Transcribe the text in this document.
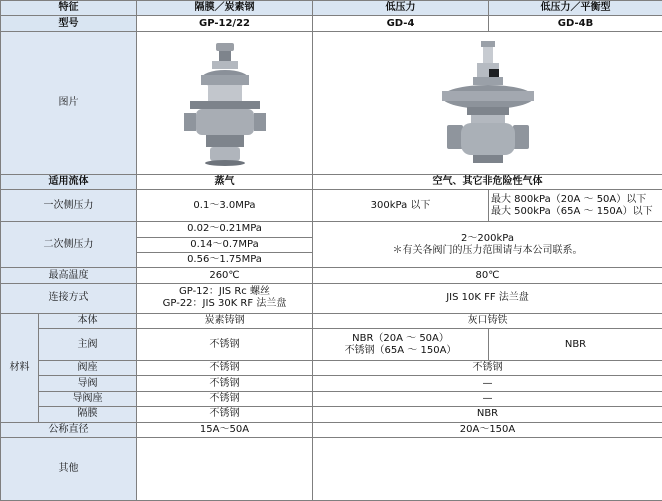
特征		隔膜／炭素钢	低压力	低压力／平衡型
型号		GP-12/22	GD-4	GD-4B
图片	

适用流体		蒸气	空气、其它非危险性气体	
一次侧压力		0.1～3.0MPa	300kPa 以下	最大 800kPa（20A ～ 50A）以下
最大 500kPa（65A ～ 150A）以下

二次侧压力		0.02～0.21MPa	2～200kPa
＊有关各阀门的压力范围请与本公司联系。	

		0.14～0.7MPa		
		0.56～1.75MPa		
最高温度		260℃	80℃	
连接方式		GP-12：JIS Rc 螺丝
GP-22：JIS 30K RF 法兰盘	JIS 10K FF 法兰盘	
材料	本体	炭素铸钢	灰口铸铁	
	主阀	不锈钢	NBR（20A ～ 50A）
不锈钢（65A ～ 150A）	NBR
	阀座	不锈钢	不锈钢	
	导阀	不锈钢	—	
	导阀座	不锈钢	—	
	隔膜	不锈钢	NBR	
公称直径		15A～50A	20A～150A	
其他				
